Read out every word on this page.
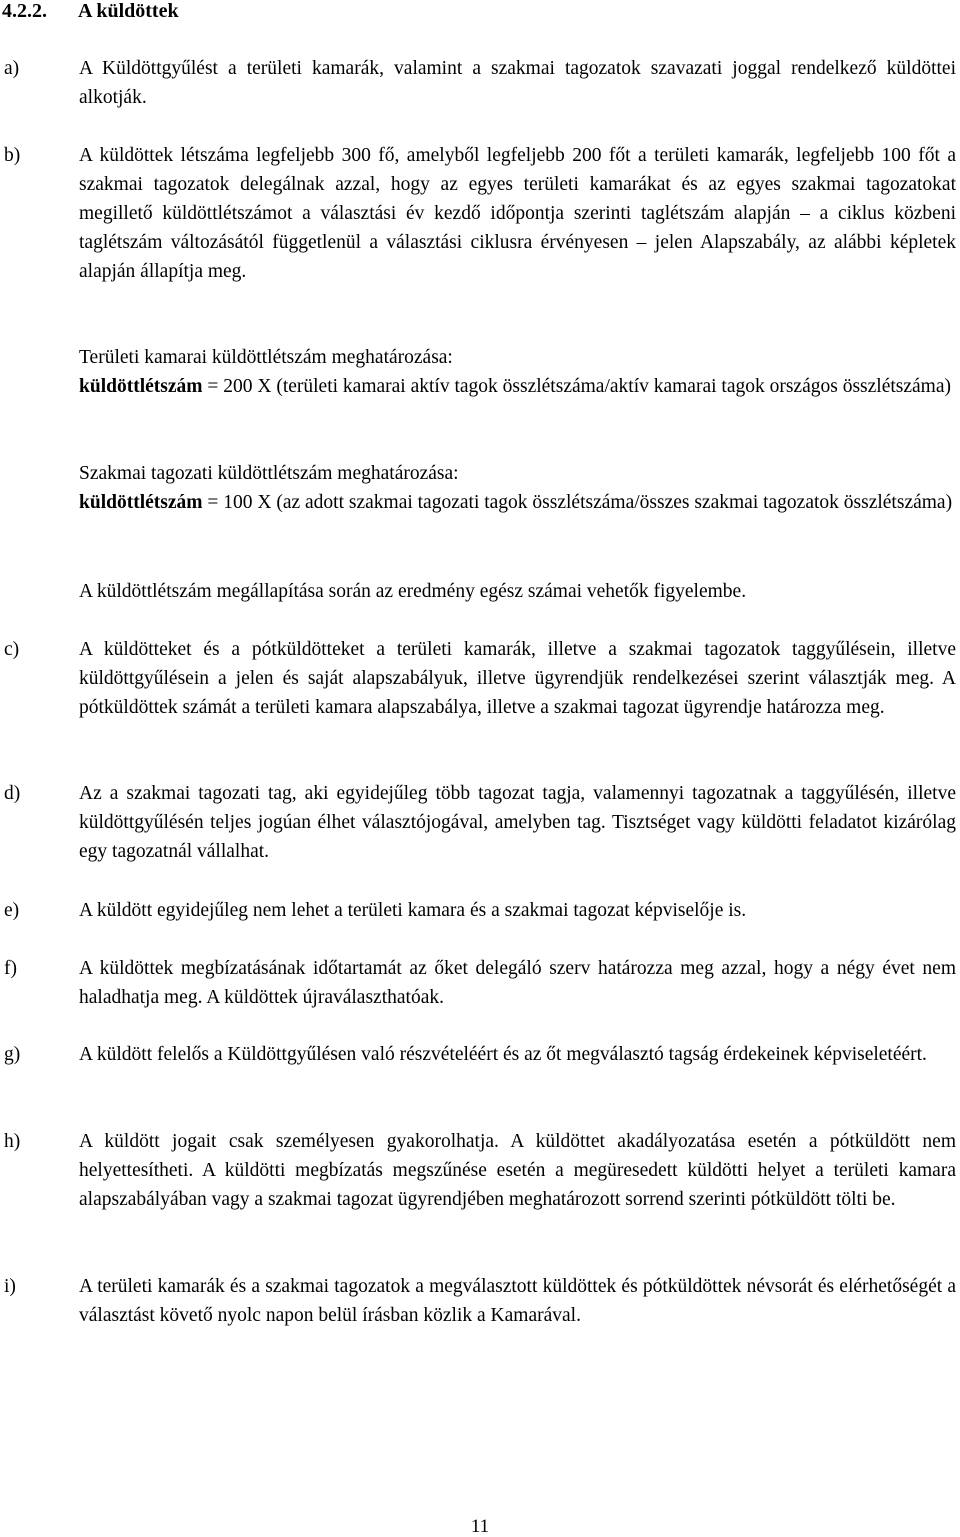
4.2.2. A küldöttek
a)	A Küldöttgyűlést a területi kamarák, valamint a szakmai tagozatok szavazati joggal rendelkező küldöttei alkotják.

b)	A küldöttek létszáma legfeljebb 300 fő, amelyből legfeljebb 200 főt a területi kamarák, legfeljebb 100 főt a szakmai tagozatok delegálnak azzal, hogy az egyes területi kamarákat és az egyes szakmai tagozatokat megillető küldöttlétszámot a választási év kezdő időpontja szerinti taglétszám alapján – a ciklus közbeni taglétszám változásától függetlenül a választási ciklusra érvényesen – jelen Alapszabály, az alábbi képletek alapján állapítja meg.

Területi kamarai küldöttlétszám meghatározása:

küldöttlétszám = 200 X (területi kamarai aktív tagok összlétszáma/aktív kamarai tagok országos összlétszáma)

Szakmai tagozati küldöttlétszám meghatározása:

küldöttlétszám = 100 X (az adott szakmai tagozati tagok összlétszáma/összes szakmai tagozatok összlétszáma)

A küldöttlétszám megállapítása során az eredmény egész számai vehetők figyelembe.

c)	A küldötteket és a pótküldötteket a területi kamarák, illetve a szakmai tagozatok taggyűlésein, illetve küldöttgyűlésein a jelen és saját alapszabályuk, illetve ügyrendjük rendelkezései szerint választják meg. A pótküldöttek számát a területi kamara alapszabálya, illetve a szakmai tagozat ügyrendje határozza meg.

d)	Az a szakmai tagozati tag, aki egyidejűleg több tagozat tagja, valamennyi tagozatnak a taggyűlésén, illetve küldöttgyűlésén teljes jogúan élhet választójogával, amelyben tag. Tisztséget vagy küldötti feladatot kizárólag egy tagozatnál vállalhat.

e)	A küldött egyidejűleg nem lehet a területi kamara és a szakmai tagozat képviselője is.

f)	A küldöttek megbízatásának időtartamát az őket delegáló szerv határozza meg azzal, hogy a négy évet nem haladhatja meg. A küldöttek újraválaszthatóak.

g)	A küldött felelős a Küldöttgyűlésen való részvételéért és az őt megválasztó tagság érdekeinek képviseletéért.

h)	A küldött jogait csak személyesen gyakorolhatja. A küldöttet akadályozatása esetén a pótküldött nem helyettesítheti. A küldötti megbízatás megszűnése esetén a megüresedett küldötti helyet a területi kamara alapszabályában vagy a szakmai tagozat ügyrendjében meghatározott sorrend szerinti pótküldött tölti be.

i)	A területi kamarák és a szakmai tagozatok a megválasztott küldöttek és pótküldöttek névsorát és elérhetőségét a választást követő nyolc napon belül írásban közlik a Kamarával.

11
